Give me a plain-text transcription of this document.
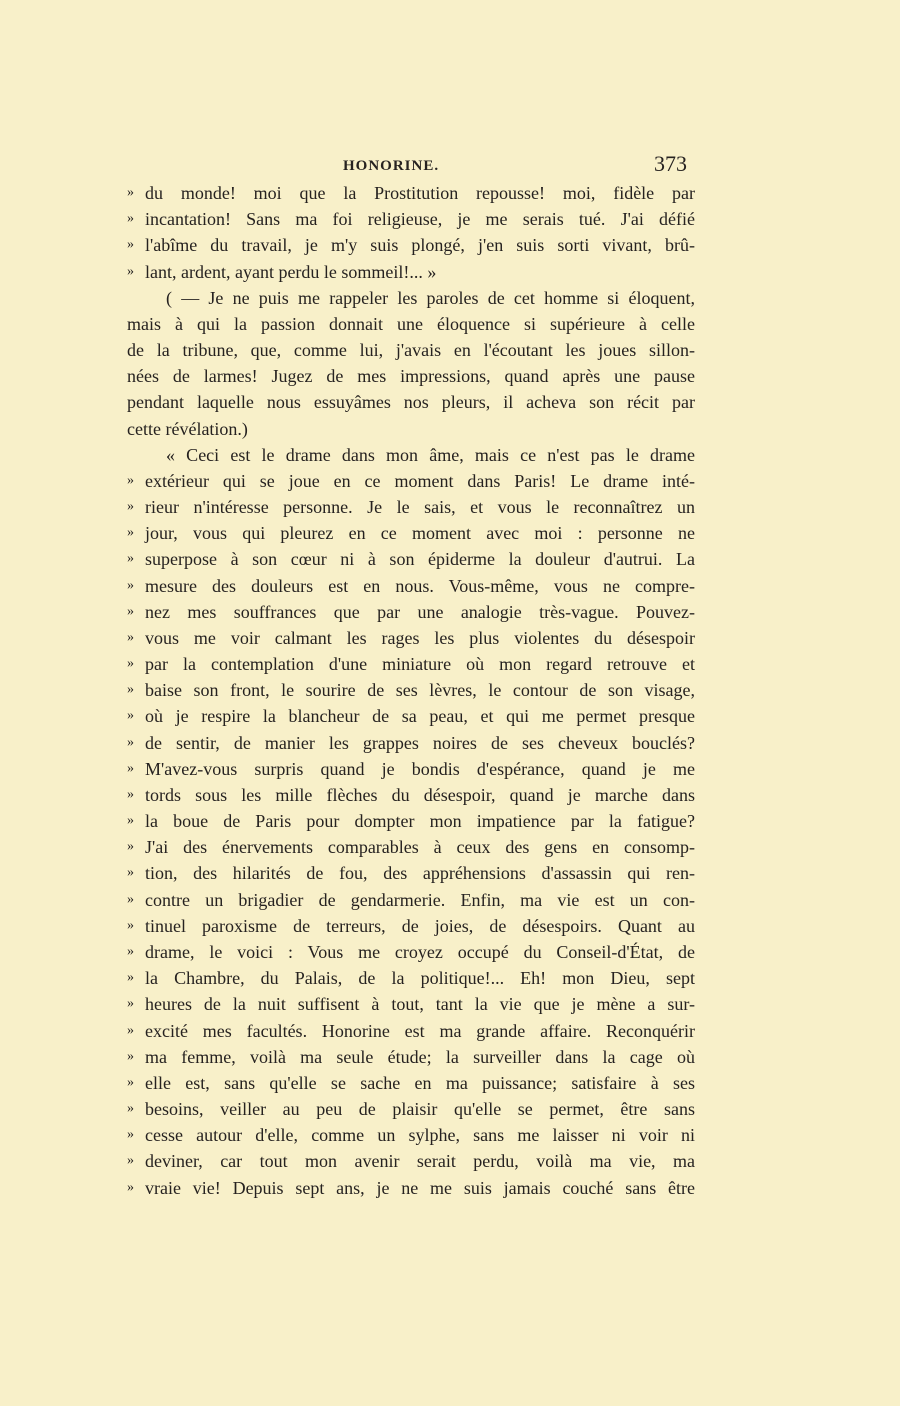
HONORINE.	373
» du monde! moi que la Prostitution repousse! moi, fidèle par
» incantation! Sans ma foi religieuse, je me serais tué. J'ai défié
» l'abîme du travail, je m'y suis plongé, j'en suis sorti vivant, brû-
» lant, ardent, ayant perdu le sommeil!... »
( — Je ne puis me rappeler les paroles de cet homme si éloquent,
mais à qui la passion donnait une éloquence si supérieure à celle
de la tribune, que, comme lui, j'avais en l'écoutant les joues sillon-
nées de larmes! Jugez de mes impressions, quand après une pause
pendant laquelle nous essuyâmes nos pleurs, il acheva son récit par
cette révélation.)
« Ceci est le drame dans mon âme, mais ce n'est pas le drame
» extérieur qui se joue en ce moment dans Paris! Le drame inté-
» rieur n'intéresse personne. Je le sais, et vous le reconnaîtrez un
» jour, vous qui pleurez en ce moment avec moi : personne ne
» superpose à son cœur ni à son épiderme la douleur d'autrui. La
» mesure des douleurs est en nous. Vous-même, vous ne compre-
» nez mes souffrances que par une analogie très-vague. Pouvez-
» vous me voir calmant les rages les plus violentes du désespoir
» par la contemplation d'une miniature où mon regard retrouve et
» baise son front, le sourire de ses lèvres, le contour de son visage,
» où je respire la blancheur de sa peau, et qui me permet presque
» de sentir, de manier les grappes noires de ses cheveux bouclés?
» M'avez-vous surpris quand je bondis d'espérance, quand je me
» tords sous les mille flèches du désespoir, quand je marche dans
» la boue de Paris pour dompter mon impatience par la fatigue?
» J'ai des énervements comparables à ceux des gens en consomp-
» tion, des hilarités de fou, des appréhensions d'assassin qui ren-
» contre un brigadier de gendarmerie. Enfin, ma vie est un con-
» tinuel paroxisme de terreurs, de joies, de désespoirs. Quant au
» drame, le voici : Vous me croyez occupé du Conseil-d'État, de
» la Chambre, du Palais, de la politique!... Eh! mon Dieu, sept
» heures de la nuit suffisent à tout, tant la vie que je mène a sur-
» excité mes facultés. Honorine est ma grande affaire. Reconquérir
» ma femme, voilà ma seule étude; la surveiller dans la cage où
» elle est, sans qu'elle se sache en ma puissance; satisfaire à ses
» besoins, veiller au peu de plaisir qu'elle se permet, être sans
» cesse autour d'elle, comme un sylphe, sans me laisser ni voir ni
» deviner, car tout mon avenir serait perdu, voilà ma vie, ma
» vraie vie! Depuis sept ans, je ne me suis jamais couché sans être
